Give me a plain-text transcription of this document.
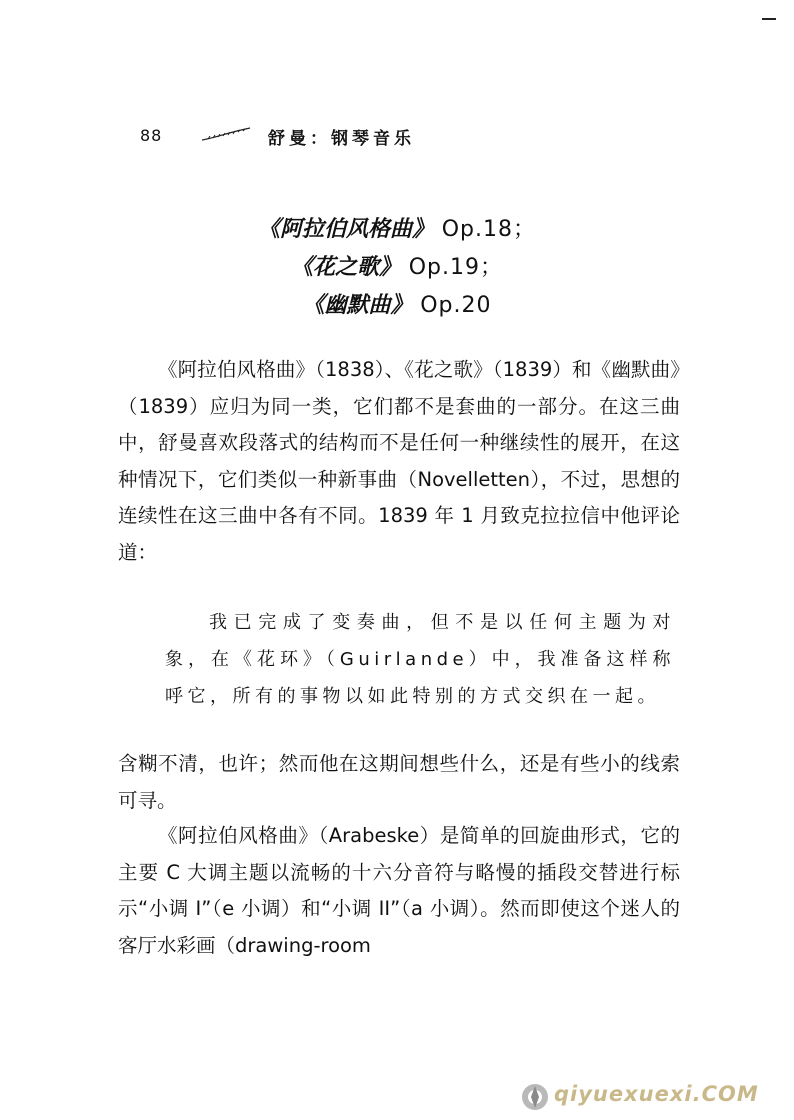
88	舒曼：钢琴音乐
《阿拉伯风格曲》 Op.18；
《花之歌》 Op.19；
《幽默曲》 Op.20

《阿拉伯风格曲》（1838）、《花之歌》（1839）和《幽默曲》（1839）应归为同一类，它们都不是套曲的一部分。在这三曲中，舒曼喜欢段落式的结构而不是任何一种继续性的展开，在这种情况下，它们类似一种新事曲（Novelletten），不过，思想的连续性在这三曲中各有不同。1839 年 1 月致克拉拉信中他评论道：

我已完成了变奏曲，但不是以任何主题为对象，在《花环》（Guirlande）中，我准备这样称呼它，所有的事物以如此特别的方式交织在一起。

含糊不清，也许；然而他在这期间想些什么，还是有些小的线索可寻。

《阿拉伯风格曲》（Arabeske）是简单的回旋曲形式，它的主要 C 大调主题以流畅的十六分音符与略慢的插段交替进行标示“小调 I”（e 小调）和“小调 II”（a 小调）。然而即使这个迷人的客厅水彩画（drawing-room

qiyuexuexi.COM
